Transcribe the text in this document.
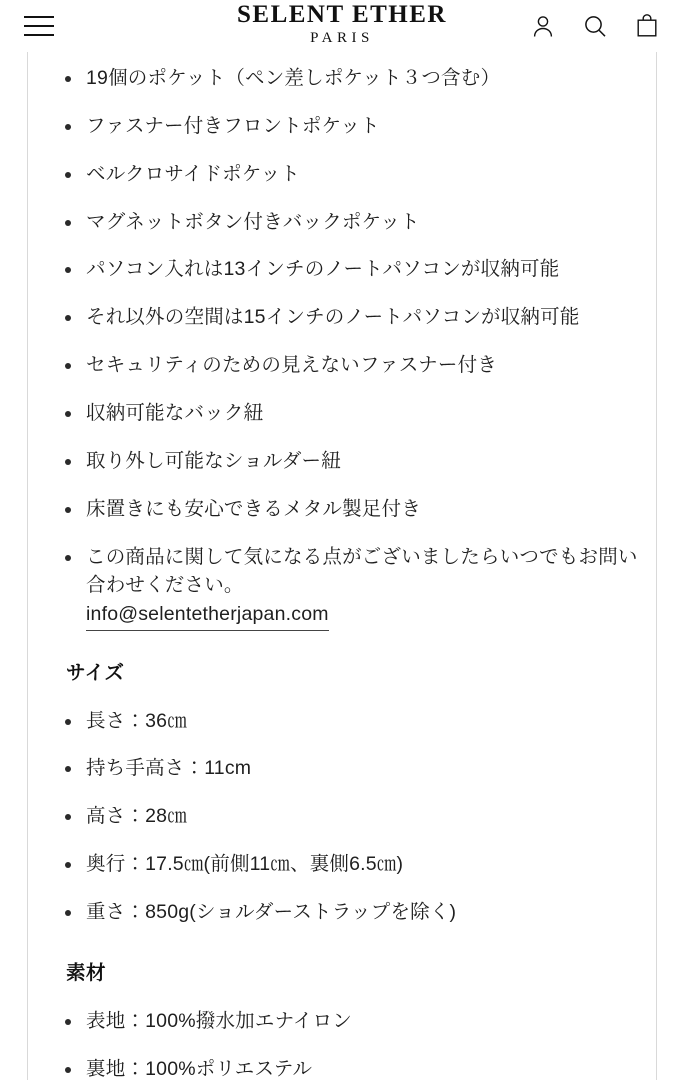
SELENT ETHER
PARIS
19個のポケット（ペン差しポケット３つ含む）
ファスナー付きフロントポケット
ベルクロサイドポケット
マグネットボタン付きバックポケット
パソコン入れは13インチのノートパソコンが収納可能
それ以外の空間は15インチのノートパソコンが収納可能
セキュリティのための見えないファスナー付き
収納可能なバック紐
取り外し可能なショルダー紐
床置きにも安心できるメタル製足付き
この商品に関して気になる点がございましたらいつでもお問い合わせください。
info@selentetherjapan.com
サイズ
長さ：36㎝
持ち手高さ：11cm
高さ：28㎝
奥行：17.5㎝(前側11㎝、裏側6.5㎝)
重さ：850g(ショルダーストラップを除く)
素材
表地：100%撥水加エナイロン
裏地：100%ポリエステル
